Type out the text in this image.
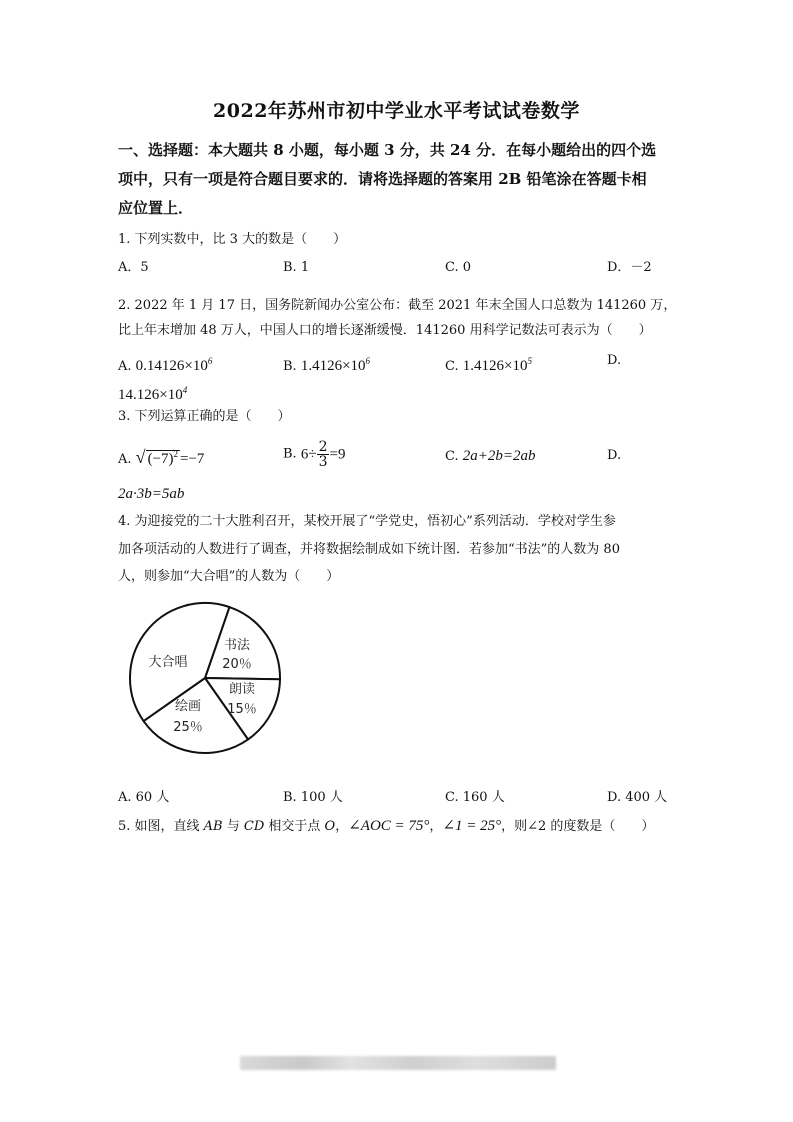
2022年苏州市初中学业水平考试试卷数学
一、选择题：本大题共 8 小题，每小题 3 分，共 24 分．在每小题给出的四个选
项中，只有一项是符合题目要求的．请将选择题的答案用 2B 铅笔涂在答题卡相
应位置上．
1. 下列实数中，比 3 大的数是（　　）
A．5	B. 1	C. 0	D．－2
2. 2022 年 1 月 17 日，国务院新闻办公室公布：截至 2021 年末全国人口总数为 141260 万，
比上年末增加 48 万人，中国人口的增长逐渐缓慢．141260 用科学记数法可表示为（　　）
A. $0.14126\times 10^6$	B. $1.4126\times 10^6$	C. $1.4126\times 10^5$	D.
$14.126\times 10^4$
3. 下列运算正确的是（　　）
A. √ $(-7)^2 =-7$	B. $6\div \frac{2}{3} =9$	C. 2a+2b=2ab	D.
2a·3b=5ab
4. 为迎接党的二十大胜利召开，某校开展了“学党史，悟初心”系列活动．学校对学生参
加各项活动的人数进行了调查，并将数据绘制成如下统计图．若参加“书法”的人数为 80
人，则参加“大合唱”的人数为（　　）
书法
20％
朗读
15％
绘画
25％
大合唱
A. 60 人	B. 100 人	C. 160 人	D. 400 人
5. 如图，直线 AB 与 CD 相交于点 O，∠AOC = 75°，∠1 = 25°，则∠2 的度数是（　　）
